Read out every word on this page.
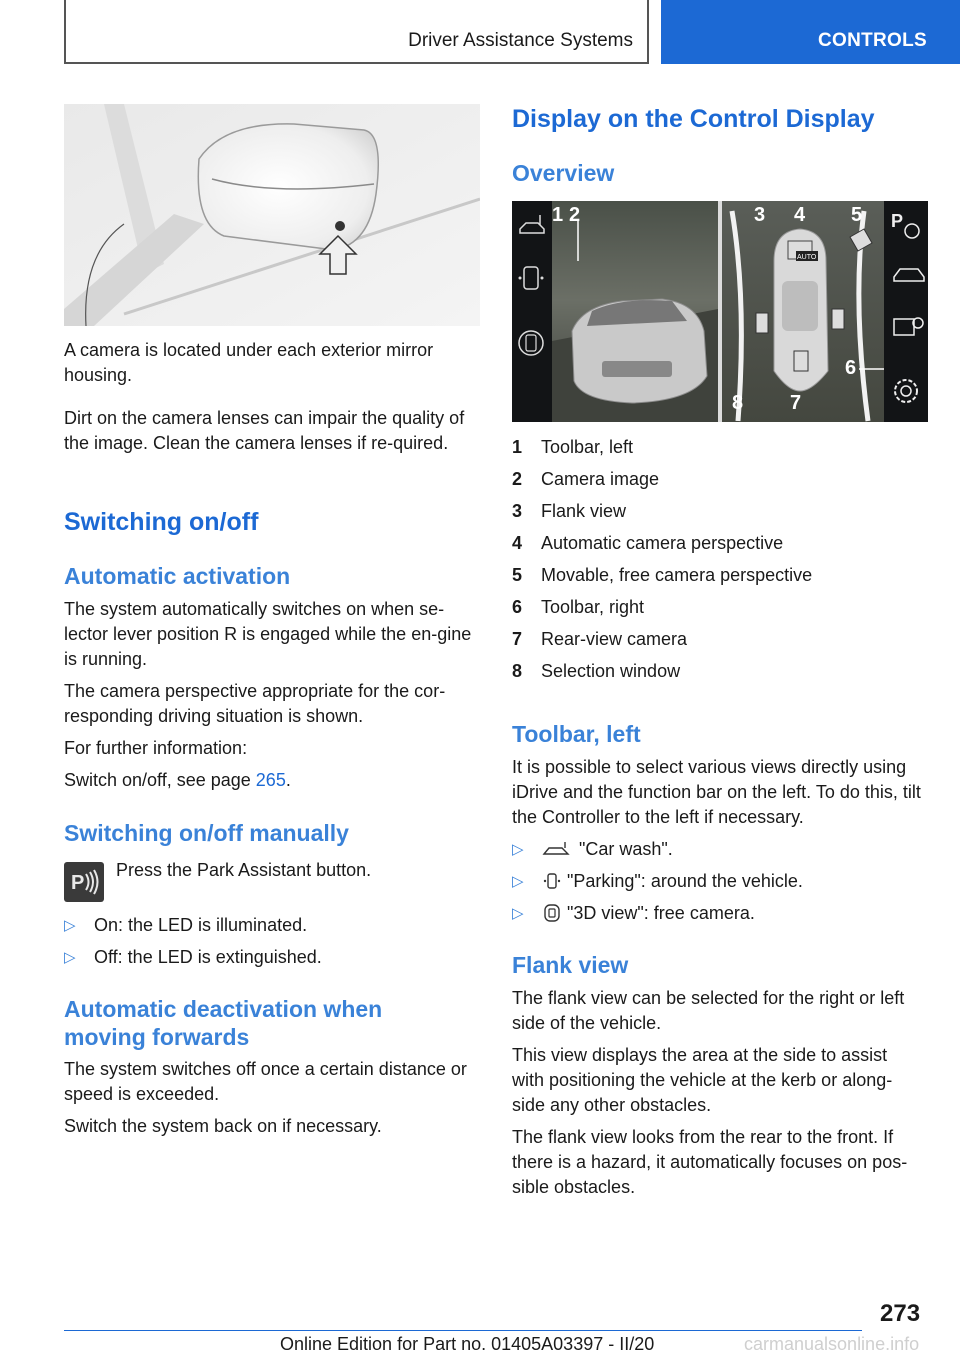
Driver Assistance Systems	CONTROLS

A camera is located under each exterior mirror housing.

Dirt on the camera lenses can impair the quality of the image. Clean the camera lenses if re‐quired.

Switching on/off
Automatic activation

The system automatically switches on when se‐lector lever position R is engaged while the en‐gine is running.

The camera perspective appropriate for the cor‐responding driving situation is shown.

For further information:

Switch on/off, see page 265.

Switching on/off manually
P

Press the Park Assistant button.

▷ On: the LED is illuminated.
▷ Off: the LED is extinguished.
Automatic deactivation when moving forwards

The system switches off once a certain distance or speed is exceeded.

Switch the system back on if necessary.

Display on the Control Display
Overview
AUTO
P
1 2	3 4 5
6
7
8
1 Toolbar, left
2 Camera image
3 Flank view
4 Automatic camera perspective
5 Movable, free camera perspective
6 Toolbar, right
7 Rear-view camera
8 Selection window
Toolbar, left

It is possible to select various views directly using iDrive and the function bar on the left. To do this, tilt the Controller to the left if necessary.

▷	"Car wash".
▷ "Parking": around the vehicle.
▷ "3D view": free camera.
Flank view

The flank view can be selected for the right or left side of the vehicle.

This view displays the area at the side to assist with positioning the vehicle at the kerb or along‐side any other obstacles.

The flank view looks from the rear to the front. If there is a hazard, it automatically focuses on pos‐sible obstacles.

273
Online Edition for Part no. 01405A03397 - II/20	carmanualsonline.info
